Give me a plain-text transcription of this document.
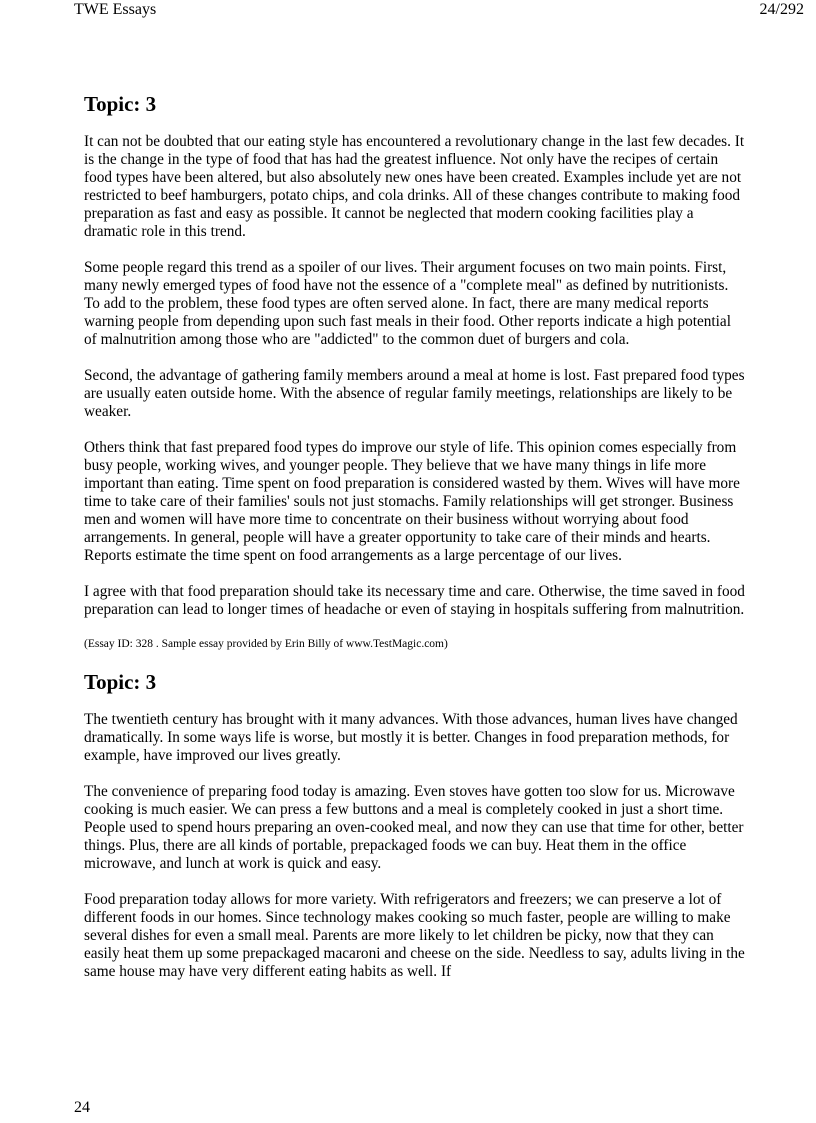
TWE Essays	24/292
Topic: 3

It can not be doubted that our eating style has encountered a revolutionary change in the last few decades. It is the change in the type of food that has had the greatest influence. Not only have the recipes of certain food types have been altered, but also absolutely new ones have been created. Examples include yet are not restricted to beef hamburgers, potato chips, and cola drinks. All of these changes contribute to making food preparation as fast and easy as possible. It cannot be neglected that modern cooking facilities play a dramatic role in this trend.

Some people regard this trend as a spoiler of our lives. Their argument focuses on two main points. First, many newly emerged types of food have not the essence of a "complete meal" as defined by nutritionists. To add to the problem, these food types are often served alone. In fact, there are many medical reports warning people from depending upon such fast meals in their food. Other reports indicate a high potential of malnutrition among those who are "addicted" to the common duet of burgers and cola.

Second, the advantage of gathering family members around a meal at home is lost. Fast prepared food types are usually eaten outside home. With the absence of regular family meetings, relationships are likely to be weaker.

Others think that fast prepared food types do improve our style of life. This opinion comes especially from busy people, working wives, and younger people. They believe that we have many things in life more important than eating. Time spent on food preparation is considered wasted by them. Wives will have more time to take care of their families' souls not just stomachs. Family relationships will get stronger. Business men and women will have more time to concentrate on their business without worrying about food arrangements. In general, people will have a greater opportunity to take care of their minds and hearts. Reports estimate the time spent on food arrangements as a large percentage of our lives.

I agree with that food preparation should take its necessary time and care. Otherwise, the time saved in food preparation can lead to longer times of headache or even of staying in hospitals suffering from malnutrition.

(Essay ID: 328 . Sample essay provided by Erin Billy of www.TestMagic.com)

Topic: 3

The twentieth century has brought with it many advances. With those advances, human lives have changed dramatically. In some ways life is worse, but mostly it is better. Changes in food preparation methods, for example, have improved our lives greatly.

The convenience of preparing food today is amazing. Even stoves have gotten too slow for us. Microwave cooking is much easier. We can press a few buttons and a meal is completely cooked in just a short time. People used to spend hours preparing an oven-cooked meal, and now they can use that time for other, better things. Plus, there are all kinds of portable, prepackaged foods we can buy. Heat them in the office microwave, and lunch at work is quick and easy.

Food preparation today allows for more variety. With refrigerators and freezers; we can preserve a lot of different foods in our homes. Since technology makes cooking so much faster, people are willing to make several dishes for even a small meal. Parents are more likely to let children be picky, now that they can easily heat them up some prepackaged macaroni and cheese on the side. Needless to say, adults living in the same house may have very different eating habits as well. If

24
